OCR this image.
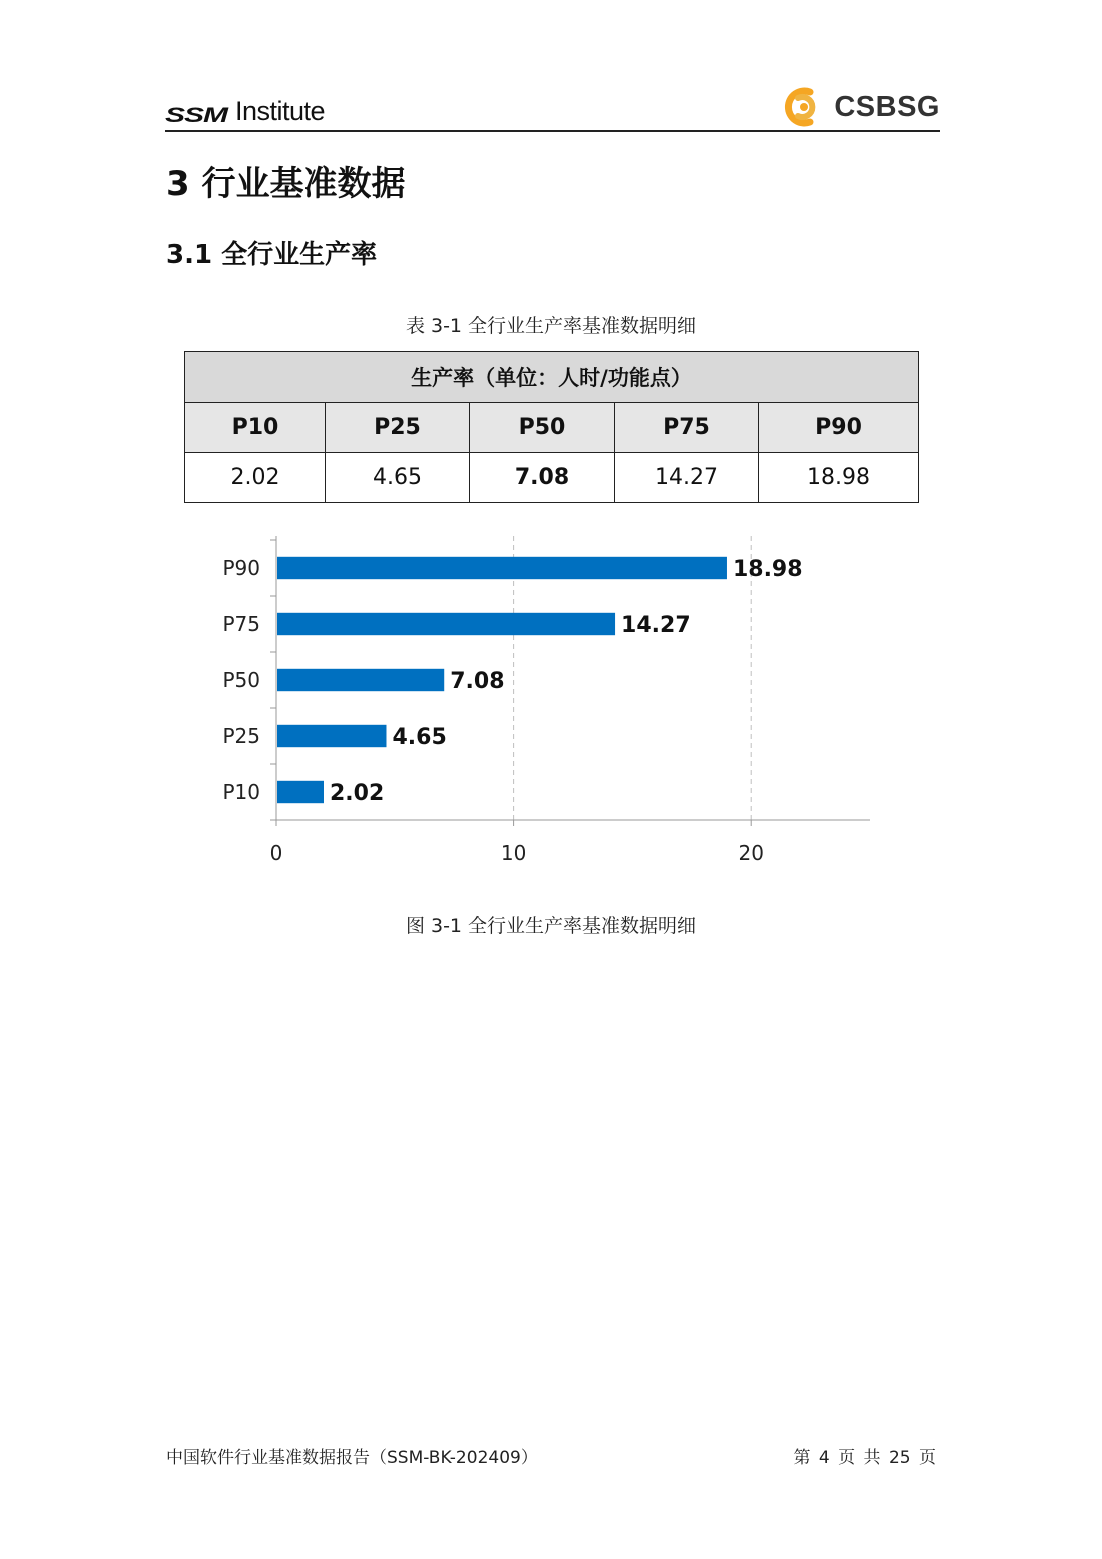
SSM Institute	CSBSG
3 行业基准数据
3.1 全行业生产率
表 3-1 全行业生产率基准数据明细
生产率（单位：人时/功能点）				
P10	P25	P50	P75	P90
2.02	4.65	7.08	14.27	18.98
0	10	20
P10	2.02
P25	4.65
P50	7.08
P75	14.27
P90	18.98
图 3-1 全行业生产率基准数据明细
中国软件行业基准数据报告（SSM-BK-202409）	第 4 页 共 25 页
